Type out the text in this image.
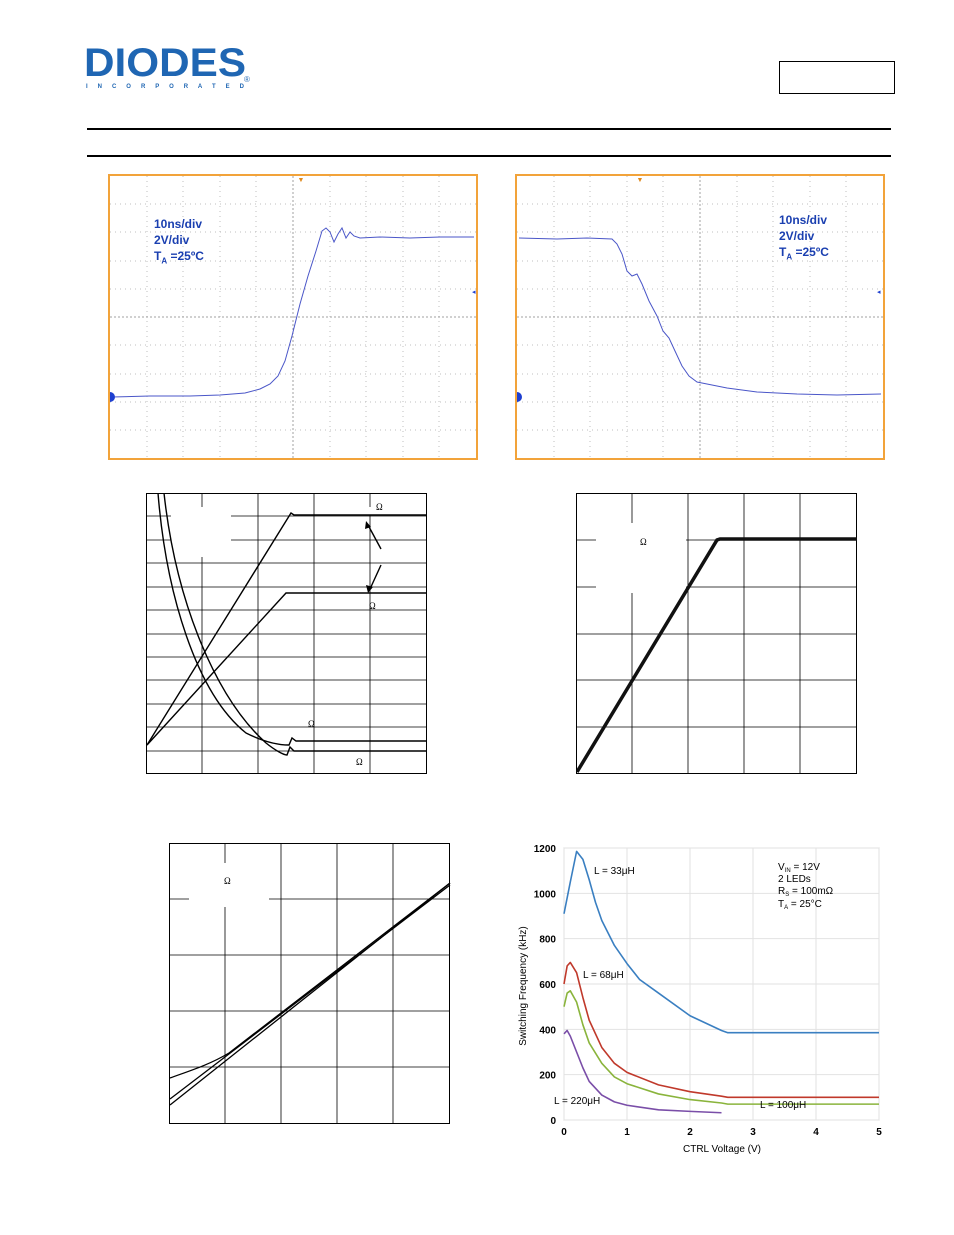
DIODES
®
I N C O R P O R A T E D
▼
◂
10ns/div
2V/div
$T_A$ =25ºC
▼
◂
10ns/div
2V/div
$T_A$ =25ºC
Ω
Ω
Ω
Ω
Ω
Ω
1200
1000
800
600
400
200
0
0	1	2	3	4	5
CTRL Voltage (V)
Switching Frequency (kHz)
$V_{IN} = 12V$
2 LEDs
$R_S = 100m\Omega$
$T_A = 25^\circ C$
L = 33μH
L = 68μH
L = 100μH
L = 220μH
